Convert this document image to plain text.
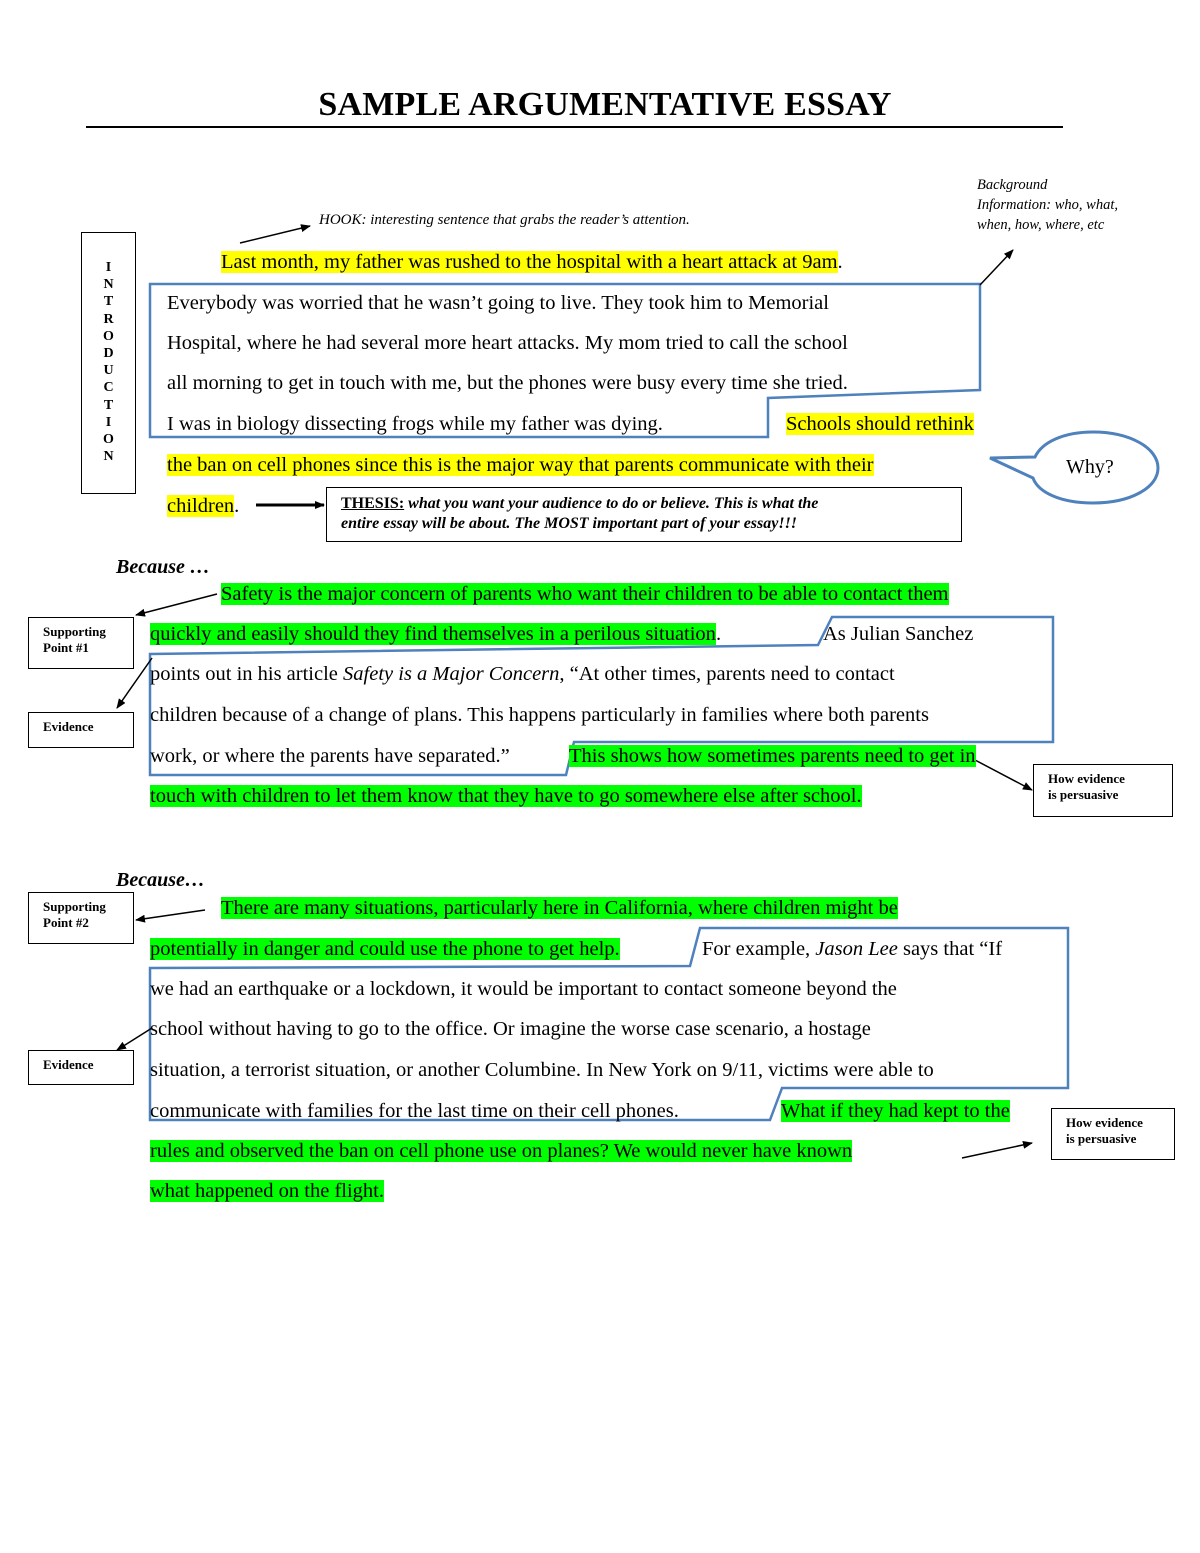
SAMPLE ARGUMENTATIVE ESSAY
HOOK: interesting sentence that grabs the reader’s attention.
Background
Information: who, what,
when, how, where, etc
I
N
T
R
O
D
U
C
T
I
O
N	Why?
Last month, my father was rushed to the hospital with a heart attack at 9am.
Everybody was worried that he wasn’t going to live. They took him to Memorial
Hospital, where he had several more heart attacks. My mom tried to call the school
all morning to get in touch with me, but the phones were busy every time she tried.
I was in biology dissecting frogs while my father was dying.	Schools should rethink
the ban on cell phones since this is the major way that parents communicate with their
children.	THESIS: what you want your audience to do or believe. This is what the
entire essay will be about. The MOST important part of your essay!!!
Because …
Supporting
Point #1
Evidence
How evidence
is persuasive
Safety is the major concern of parents who want their children to be able to contact them
quickly and easily should they find themselves in a perilous situation.	As Julian Sanchez
points out in his article Safety is a Major Concern, “At other times, parents need to contact
children because of a change of plans. This happens particularly in families where both parents
work, or where the parents have separated.”	This shows how sometimes parents need to get in
touch with children to let them know that they have to go somewhere else after school.
Because…
Supporting
Point #2
Evidence
How evidence
is persuasive
There are many situations, particularly here in California, where children might be
potentially in danger and could use the phone to get help.	For example, Jason Lee says that “If
we had an earthquake or a lockdown, it would be important to contact someone beyond the
school without having to go to the office. Or imagine the worse case scenario, a hostage
situation, a terrorist situation, or another Columbine. In New York on 9/11, victims were able to
communicate with families for the last time on their cell phones.	What if they had kept to the
rules and observed the ban on cell phone use on planes? We would never have known
what happened on the flight.
